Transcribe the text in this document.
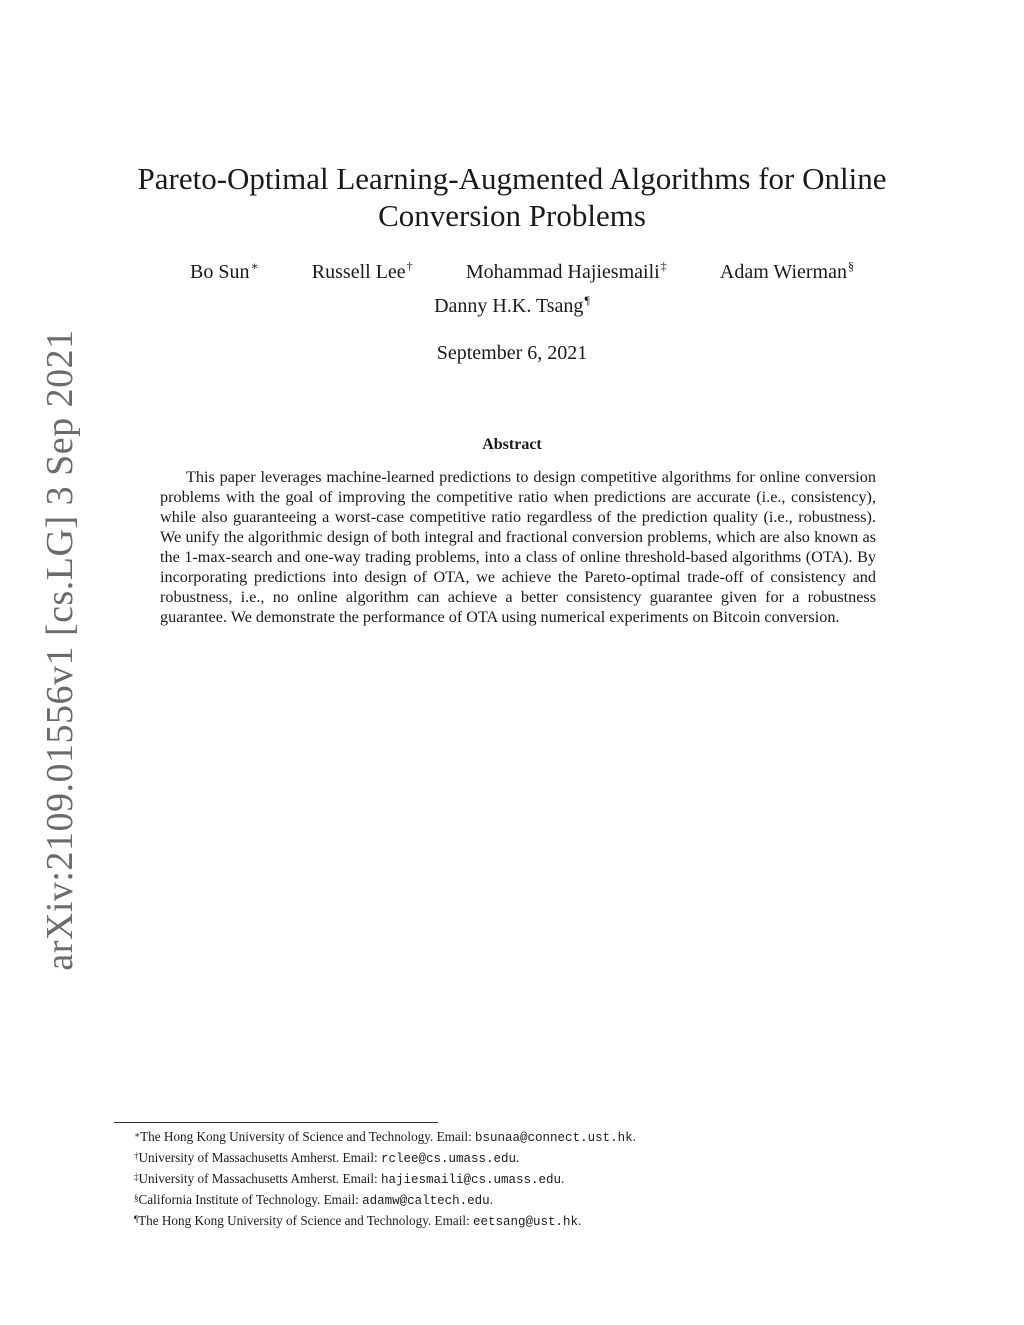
arXiv:2109.01556v1 [cs.LG] 3 Sep 2021
Pareto-Optimal Learning-Augmented Algorithms for Online
Conversion Problems
Bo Sun∗	Russell Lee†	Mohammad Hajiesmaili‡	Adam Wierman§
Danny H.K. Tsang¶
September 6, 2021
Abstract
This paper leverages machine-learned predictions to design competitive algorithms for online conversion problems with the goal of improving the competitive ratio when predictions are accurate (i.e., consistency), while also guaranteeing a worst-case competitive ratio regardless of the prediction quality (i.e., robustness). We unify the algorithmic design of both integral and fractional conversion problems, which are also known as the 1-max-search and one-way trading problems, into a class of online threshold-based algorithms (OTA). By incorporating predictions into design of OTA, we achieve the Pareto-optimal trade-off of consistency and robustness, i.e., no online algorithm can achieve a better consistency guarantee given for a robustness guarantee. We demonstrate the performance of OTA using numerical experiments on Bitcoin conversion.
∗The Hong Kong University of Science and Technology. Email: bsunaa@connect.ust.hk.
†University of Massachusetts Amherst. Email: rclee@cs.umass.edu.
‡University of Massachusetts Amherst. Email: hajiesmaili@cs.umass.edu.
§California Institute of Technology. Email: adamw@caltech.edu.
¶The Hong Kong University of Science and Technology. Email: eetsang@ust.hk.
